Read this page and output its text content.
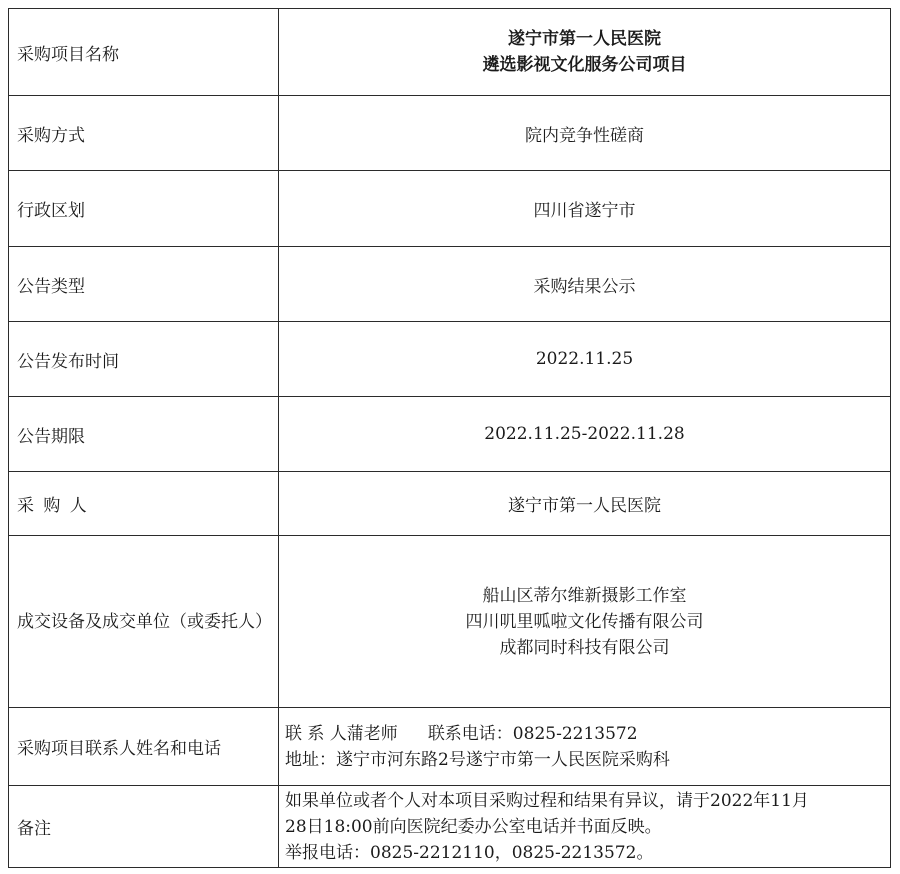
采购项目名称	遂宁市第一人民医院
遴选影视文化服务公司项目

采购方式	院内竞争性磋商
行政区划	四川省遂宁市
公告类型	采购结果公示
公告发布时间	2022.11.25
公告期限	2022.11.25-2022.11.28
采 购 人	遂宁市第一人民医院

成交设备及成交单位（或委托人）	船山区蒂尔维新摄影工作室
四川叽里呱啦文化传播有限公司
成都同时科技有限公司

采购项目联系人姓名和电话	联 系 人蒲老师 联系电话：0825-2213572
地址：遂宁市河东路2号遂宁市第一人民医院采购科

备注	如果单位或者个人对本项目采购过程和结果有异议，请于2022年11月
28日18:00前向医院纪委办公室电话并书面反映。
举报电话：0825-2212110，0825-2213572。
